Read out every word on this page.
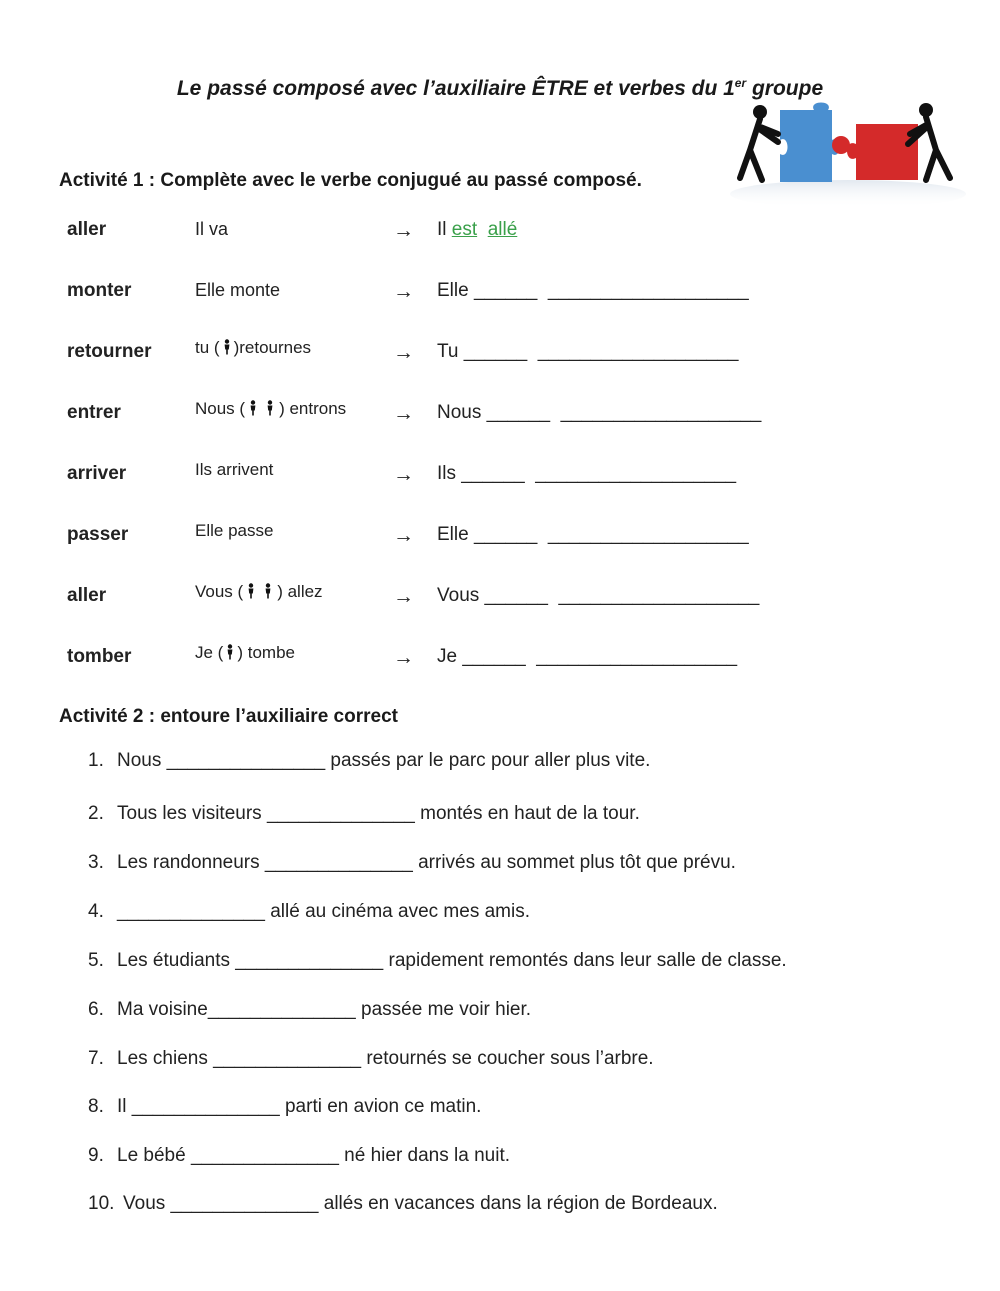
Le passé composé avec l’auxiliaire ÊTRE et verbes du 1er groupe
Activité 1 : Complète avec le verbe conjugué au passé composé.
aller	Il va	→ Il est allé
monter	Elle monte	→ Elle ______  ___________________
retourner	tu ( )retournes	→ Tu ______  ___________________
entrer	Nous ( ) entrons → Nous ______  ___________________
arriver	Ils arrivent	→ Ils ______  ___________________
passer	Elle passe	→ Elle ______  ___________________
aller	Vous ( ) allez	→ Vous ______  ___________________
tomber	Je ( ) tombe	→ Je ______  ___________________
Activité 2 : entoure l’auxiliaire correct
1. Nous _______________ passés par le parc pour aller plus vite.
2. Tous les visiteurs ______________ montés en haut de la tour.
3. Les randonneurs ______________ arrivés au sommet plus tôt que prévu.
4. ______________ allé au cinéma avec mes amis.
5. Les étudiants ______________ rapidement remontés dans leur salle de classe.
6. Ma voisine______________ passée me voir hier.
7. Les chiens ______________ retournés se coucher sous l’arbre.
8. Il ______________ parti en avion ce matin.
9. Le bébé ______________ né hier dans la nuit.
10. Vous ______________ allés en vacances dans la région de Bordeaux.
